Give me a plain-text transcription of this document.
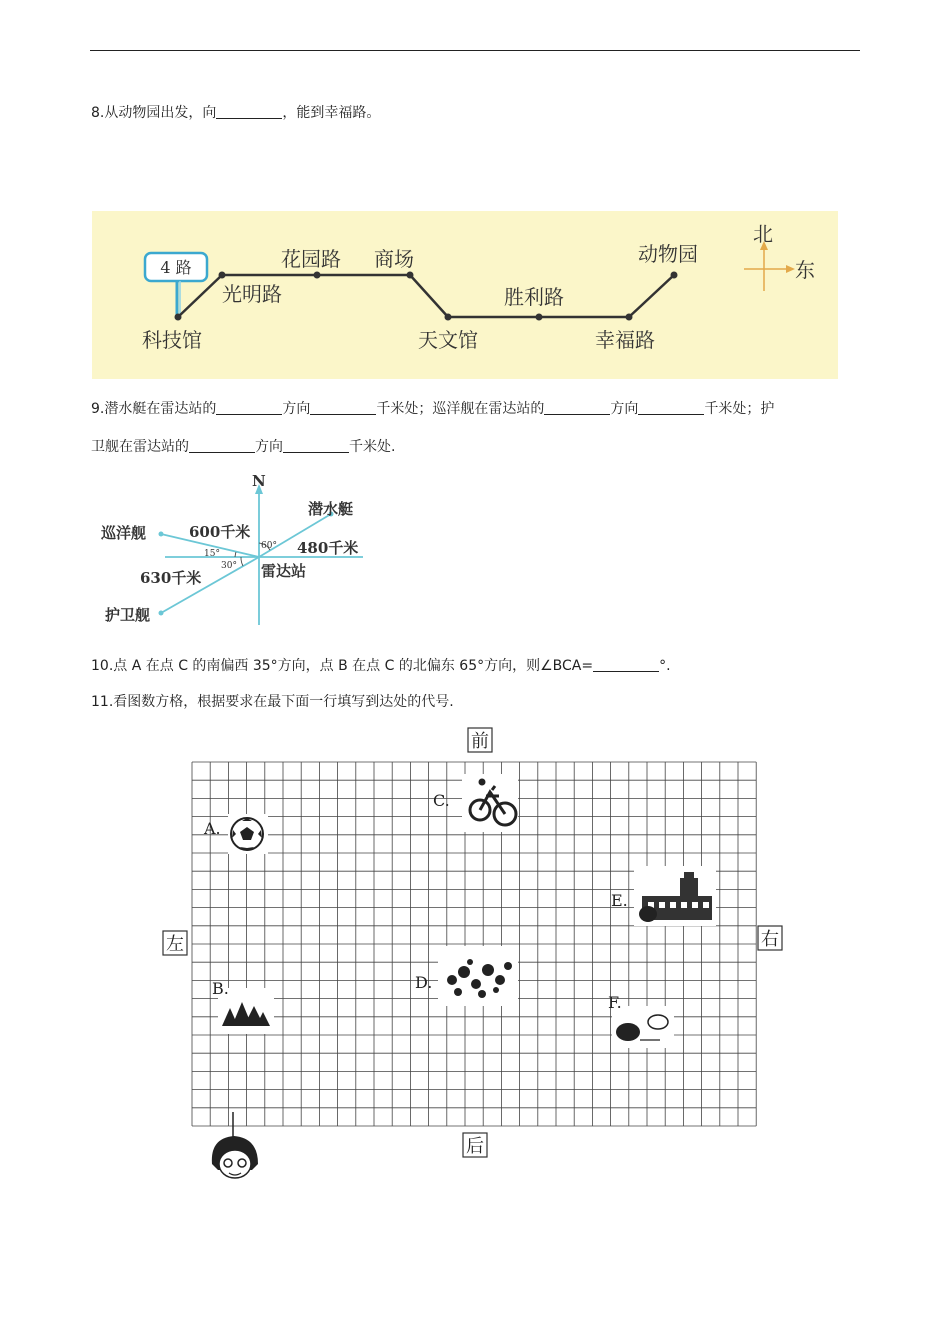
8.从动物园出发，向	，能到幸福路。
4 路
科技馆
光明路
花园路 商场
天文馆
胜利路
幸福路
动物园
北
东
9.潜水艇在雷达站的	方向	千米处；巡洋舰在雷达站的	方向	千米处；护
卫舰在雷达站的	方向	千米处.
N
潜水艇
480千米
60°
巡洋舰	600千米
15°
30°
630千米
护卫舰
雷达站
10.点 A 在点 C 的南偏西 35°方向，点 B 在点 C 的北偏东 65°方向，则∠BCA=	°.
11.看图数方格，根据要求在最下面一行填写到达处的代号.
前
后
左	右
A.
C.
E.
D.
B.
F.
